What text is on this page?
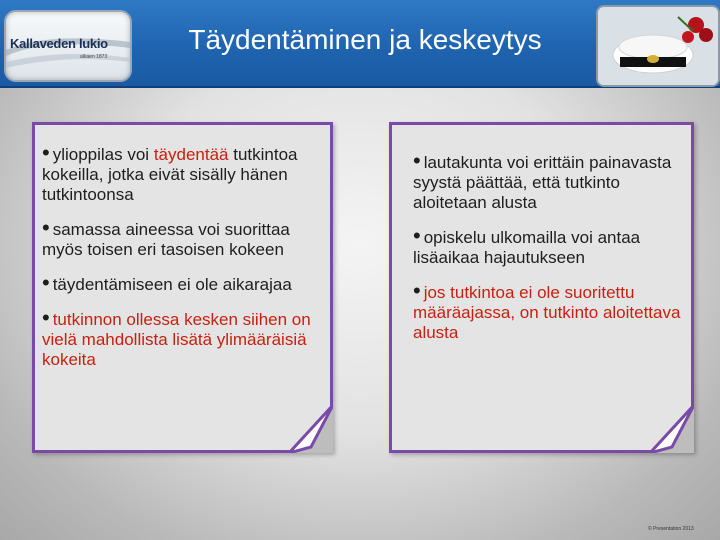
Kallaveden lukio
alkaen 1873
Täydentäminen ja keskeytys
• ylioppilas voi täydentää tutkintoa kokeilla, jotka eivät sisälly hänen tutkintoonsa
• samassa aineessa voi suorittaa myös toisen eri tasoisen kokeen
• täydentämiseen ei ole aikarajaa
• tutkinnon ollessa kesken siihen on vielä mahdollista lisätä ylimääräisiä kokeita
• lautakunta voi erittäin painavasta syystä päättää, että tutkinto aloitetaan alusta
• opiskelu ulkomailla voi antaa lisäaikaa hajautukseen
• jos tutkintoa ei ole suoritettu määräajassa, on tutkinto aloitettava alusta
© Presentation 2013
